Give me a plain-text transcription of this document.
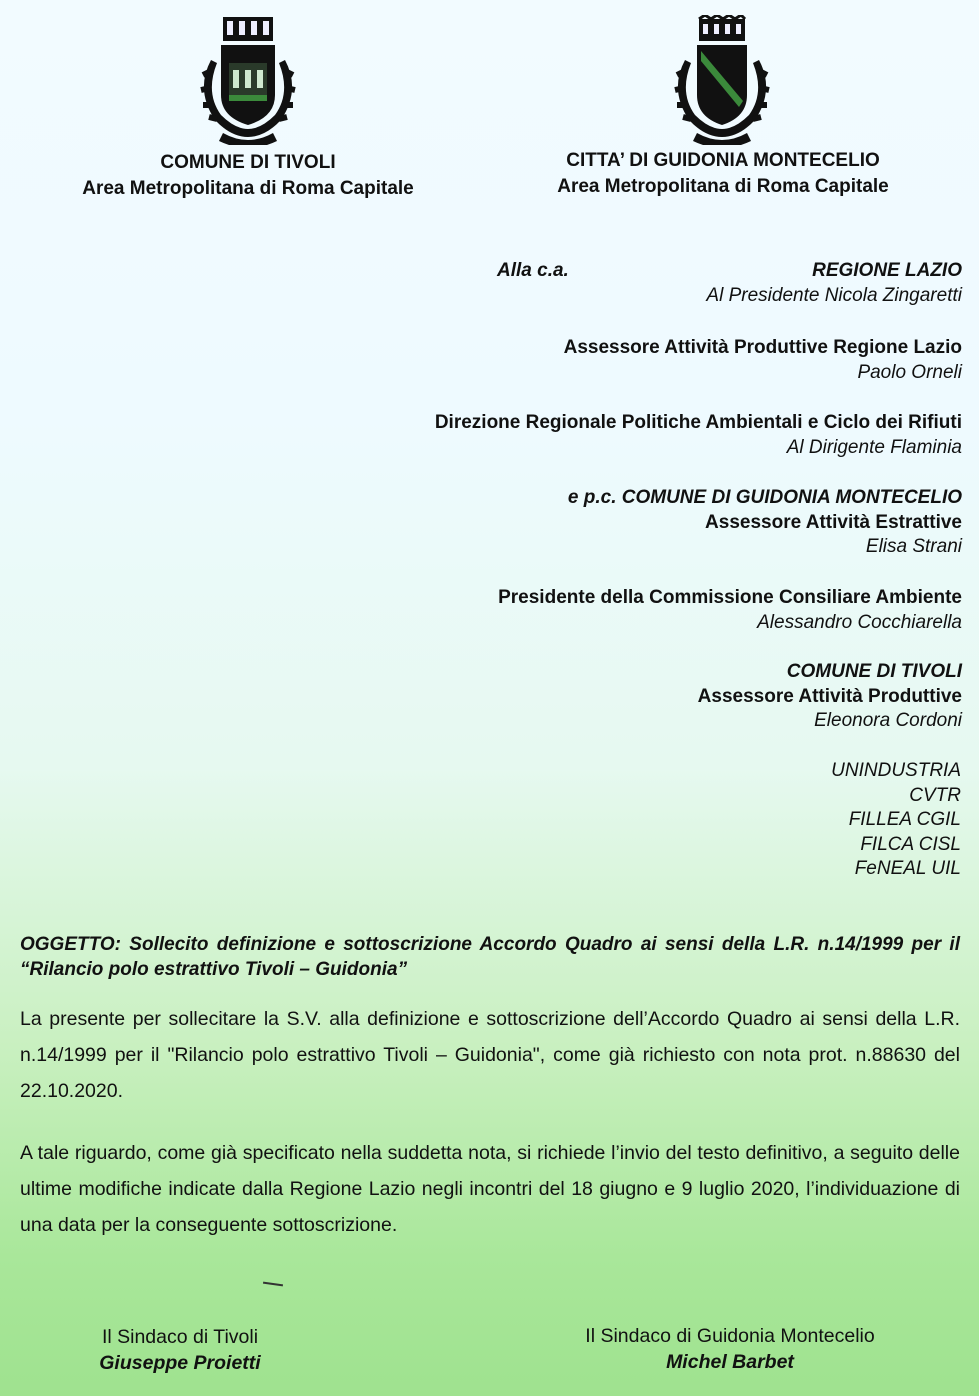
COMUNE DI TIVOLI
Area Metropolitana di Roma Capitale
CITTA’ DI GUIDONIA MONTECELIO
Area Metropolitana di Roma Capitale
Alla c.a.	REGIONE LAZIO
Al Presidente Nicola Zingaretti
Assessore Attività Produttive Regione Lazio
Paolo Orneli
Direzione Regionale Politiche Ambientali e Ciclo dei Rifiuti
Al Dirigente Flaminia
e p.c. COMUNE DI GUIDONIA MONTECELIO
Assessore Attività Estrattive
Elisa Strani
Presidente della Commissione Consiliare Ambiente
Alessandro Cocchiarella
COMUNE DI TIVOLI
Assessore Attività Produttive
Eleonora Cordoni
UNINDUSTRIA
CVTR
FILLEA CGIL
FILCA CISL
FeNEAL UIL
OGGETTO: Sollecito definizione e sottoscrizione Accordo Quadro ai sensi della L.R. n.14/1999 per il “Rilancio polo estrattivo Tivoli – Guidonia”
La presente per sollecitare la S.V. alla definizione e sottoscrizione dell’Accordo Quadro ai sensi della L.R. n.14/1999 per il "Rilancio polo estrattivo Tivoli – Guidonia", come già richiesto con nota prot. n.88630 del 22.10.2020.
A tale riguardo, come già specificato nella suddetta nota, si richiede l’invio del testo definitivo, a seguito delle ultime modifiche indicate dalla Regione Lazio negli incontri del 18 giugno e 9 luglio 2020, l’individuazione di una data per la conseguente sottoscrizione.
Il Sindaco di Tivoli
Giuseppe Proietti
Il Sindaco di Guidonia Montecelio
Michel Barbet
